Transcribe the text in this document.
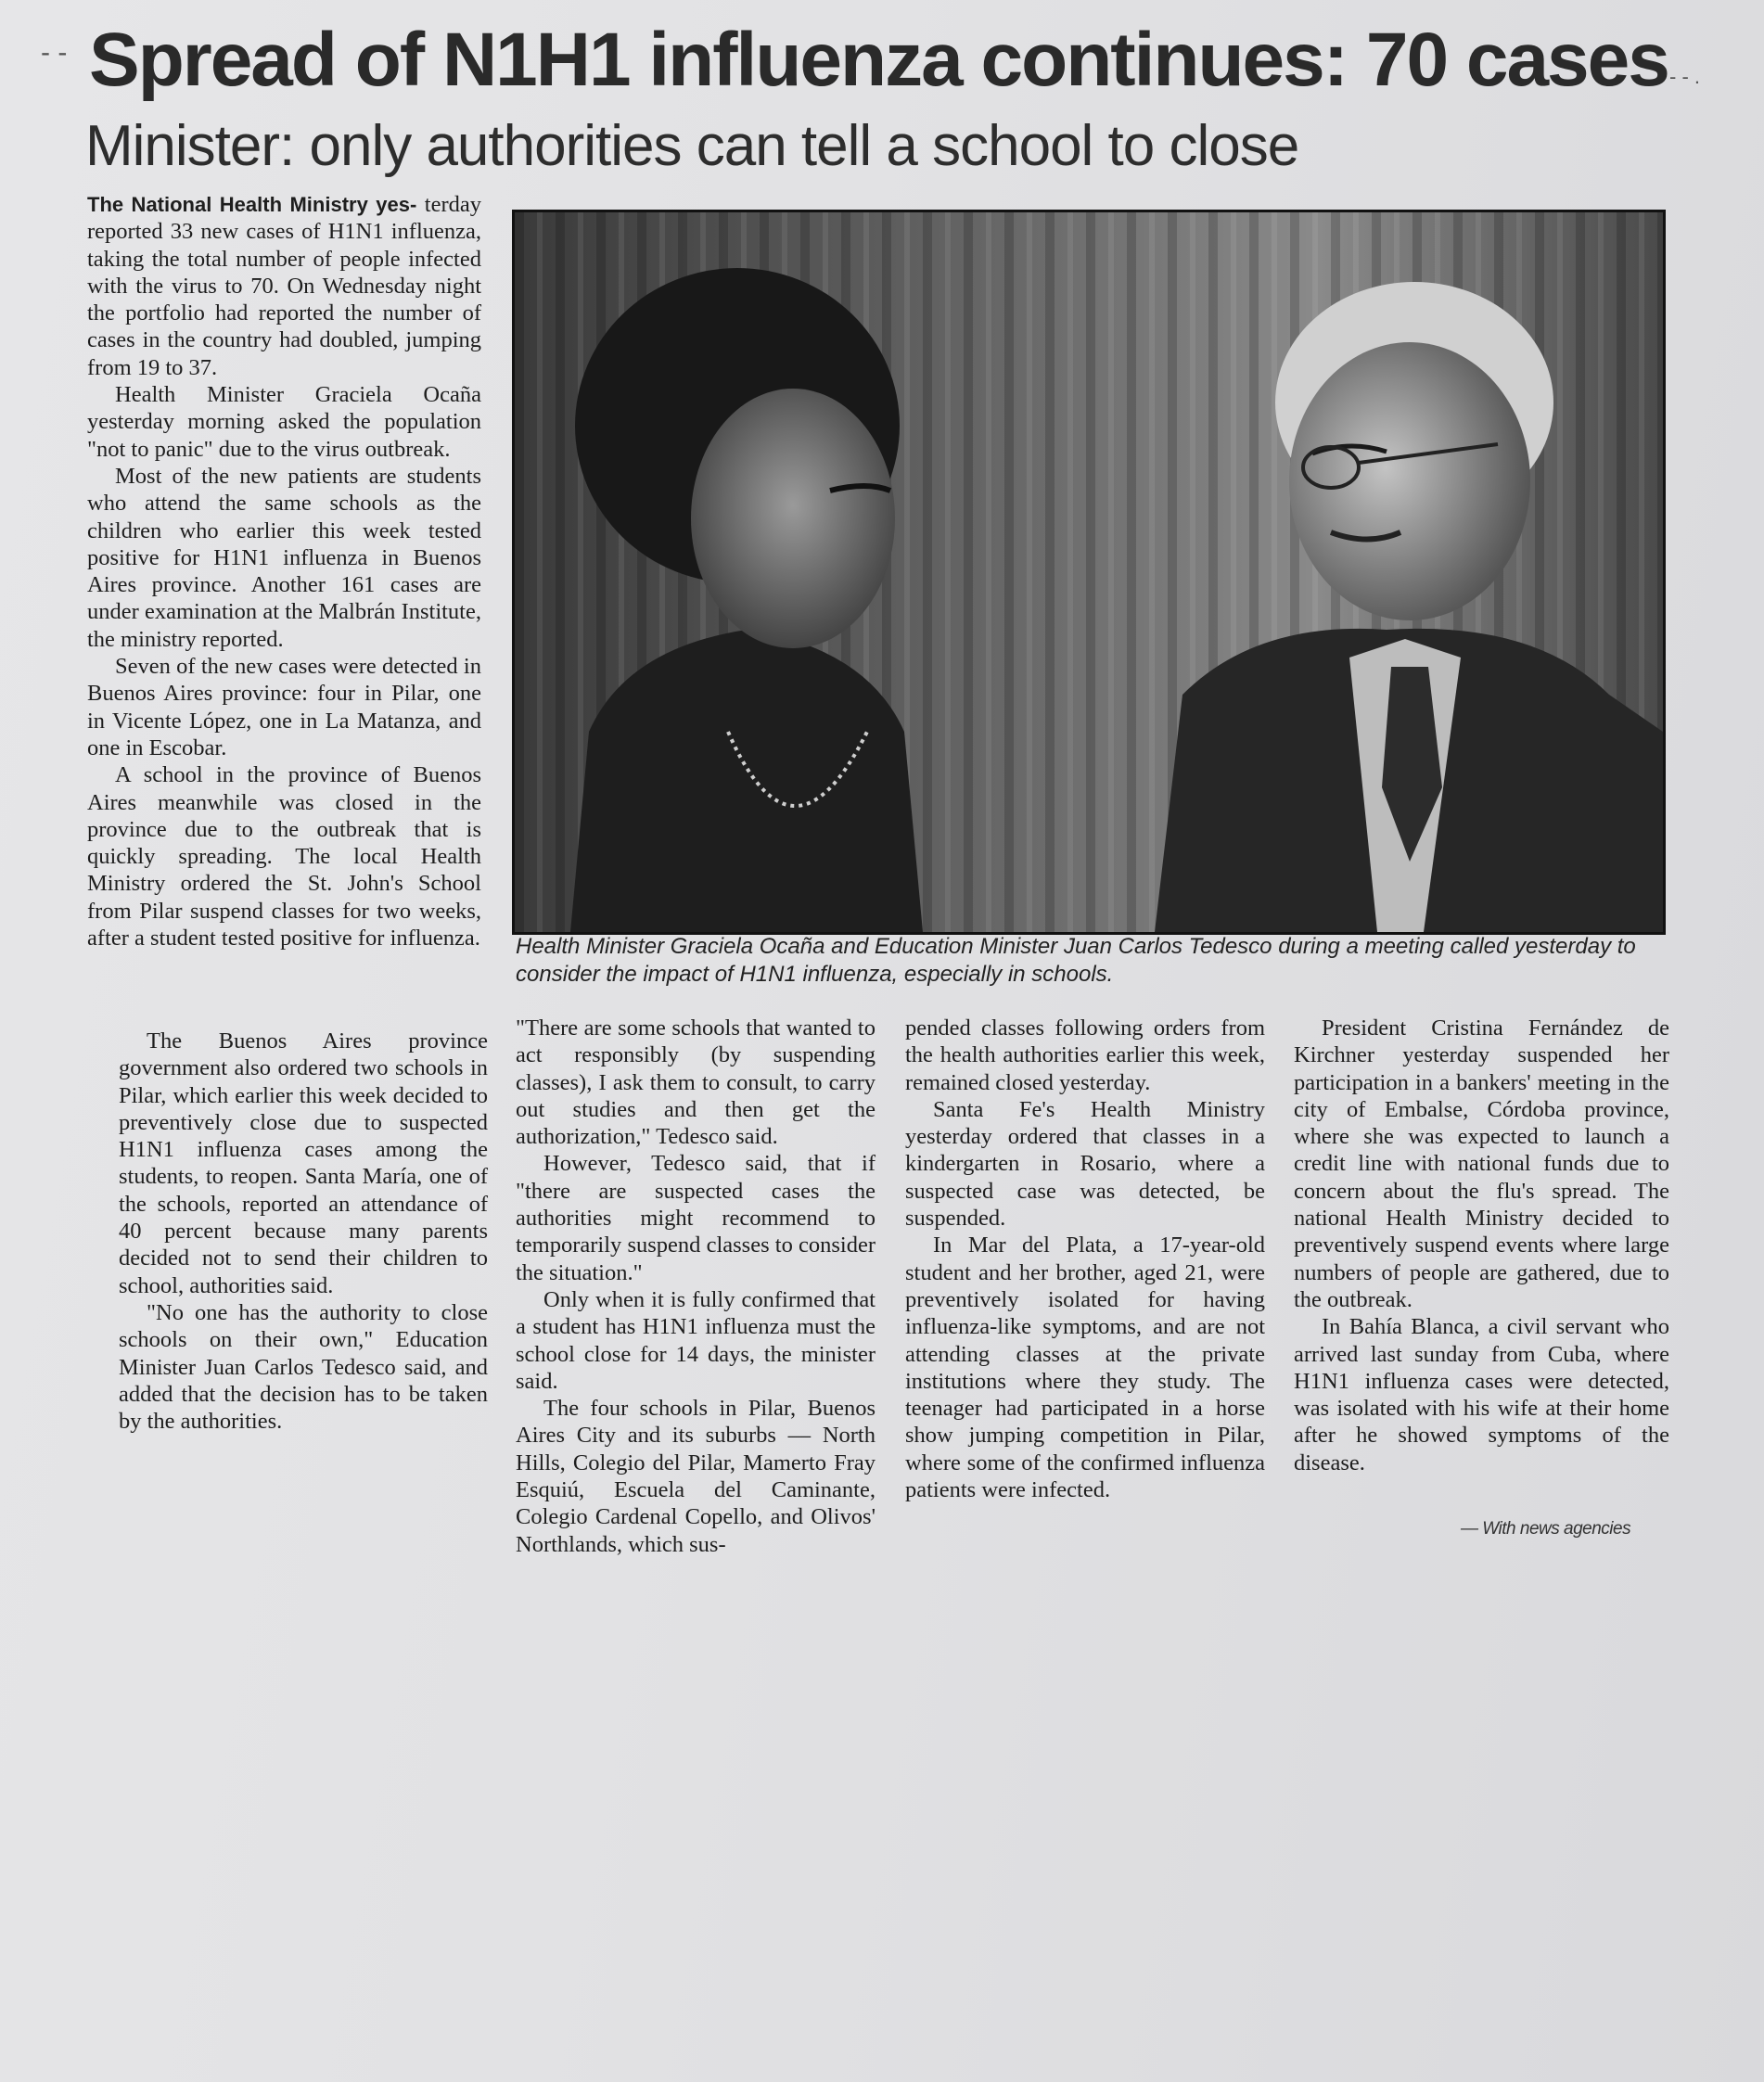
- -
- - .
Spread of N1H1 influenza continues: 70 cases
Minister: only authorities can tell a school to close

The National Health Ministry yes- terday reported 33 new cases of H1N1 influenza, taking the total number of people infected with the virus to 70. On Wednesday night the portfolio had reported the number of cases in the country had doubled, jumping from 19 to 37.

Health Minister Graciela Ocaña yesterday morning asked the population "not to panic" due to the virus outbreak.

Most of the new patients are students who attend the same schools as the children who earlier this week tested positive for H1N1 influenza in Buenos Aires province. Another 161 cases are under examination at the Malbrán Institute, the ministry reported.

Seven of the new cases were detected in Buenos Aires province: four in Pilar, one in Vicente López, one in La Matanza, and one in Escobar.

A school in the province of Buenos Aires meanwhile was closed in the province due to the outbreak that is quickly spreading. The local Health Ministry ordered the St. John's School from Pilar suspend classes for two weeks, after a student tested positive for influenza. Health Minister Graciela Ocaña and Education Minister Juan Carlos Tedesco during a meeting called yesterday to consider the impact of H1N1 influenza, especially in schools.

The Buenos Aires province government also ordered two schools in Pilar, which earlier this week decided to preventively close due to suspected H1N1 influenza cases among the students, to reopen. Santa María, one of the schools, reported an attendance of 40 percent because many parents decided not to send their children to school, authorities said.

"No one has the authority to close schools on their own," Education Minister Juan Carlos Tedesco said, and added that the decision has to be taken by the authorities.

"There are some schools that wanted to act responsibly (by suspending classes), I ask them to consult, to carry out studies and then get the authorization," Tedesco said.

However, Tedesco said, that if "there are suspected cases the authorities might recommend to temporarily suspend classes to consider the situation."

Only when it is fully confirmed that a student has H1N1 influenza must the school close for 14 days, the minister said.

The four schools in Pilar, Buenos Aires City and its suburbs — North Hills, Colegio del Pilar, Mamerto Fray Esquiú, Escuela del Caminante, Colegio Cardenal Copello, and Olivos' Northlands, which sus-

pended classes following orders from the health authorities earlier this week, remained closed yesterday.

Santa Fe's Health Ministry yesterday ordered that classes in a kindergarten in Rosario, where a suspected case was detected, be suspended.

In Mar del Plata, a 17-year-old student and her brother, aged 21, were preventively isolated for having influenza-like symptoms, and are not attending classes at the private institutions where they study. The teenager had participated in a horse show jumping competition in Pilar, where some of the confirmed influenza patients were infected.

President Cristina Fernández de Kirchner yesterday suspended her participation in a bankers' meeting in the city of Embalse, Córdoba province, where she was expected to launch a credit line with national funds due to concern about the flu's spread. The national Health Ministry decided to preventively suspend events where large numbers of people are gathered, due to the outbreak.

In Bahía Blanca, a civil servant who arrived last sunday from Cuba, where H1N1 influenza cases were detected, was isolated with his wife at their home after he showed symptoms of the disease.

— With news agencies
